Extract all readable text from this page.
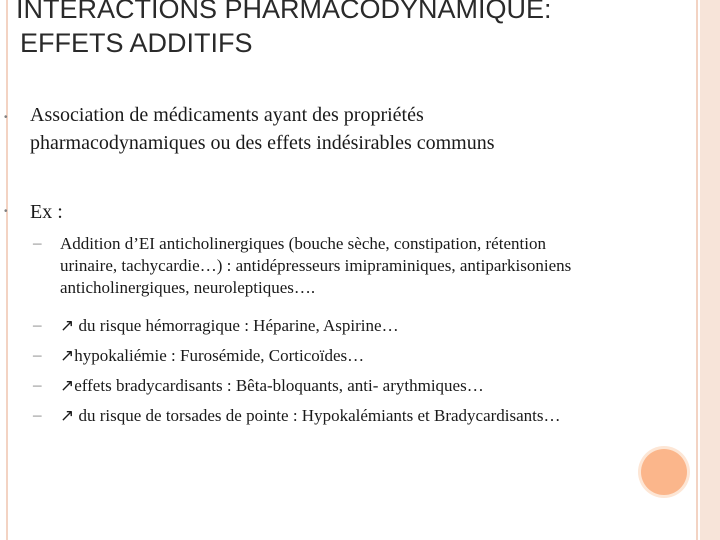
INTERACTIONS PHARMACODYNAMIQUE:
EFFETS ADDITIFS
• Association de médicaments ayant des propriétés
pharmacodynamiques ou des effets indésirables communs
• Ex :
– Addition d’EI anticholinergiques (bouche sèche, constipation, rétention
urinaire, tachycardie…) : antidépresseurs imipraminiques, antiparkisoniens
anticholinergiques, neuroleptiques….
– ↗ du risque hémorragique : Héparine, Aspirine…
– ↗hypokaliémie : Furosémide, Corticoïdes…
– ↗effets bradycardisants : Bêta-bloquants, anti- arythmiques…
– ↗ du risque de torsades de pointe : Hypokalémiants et Bradycardisants…
